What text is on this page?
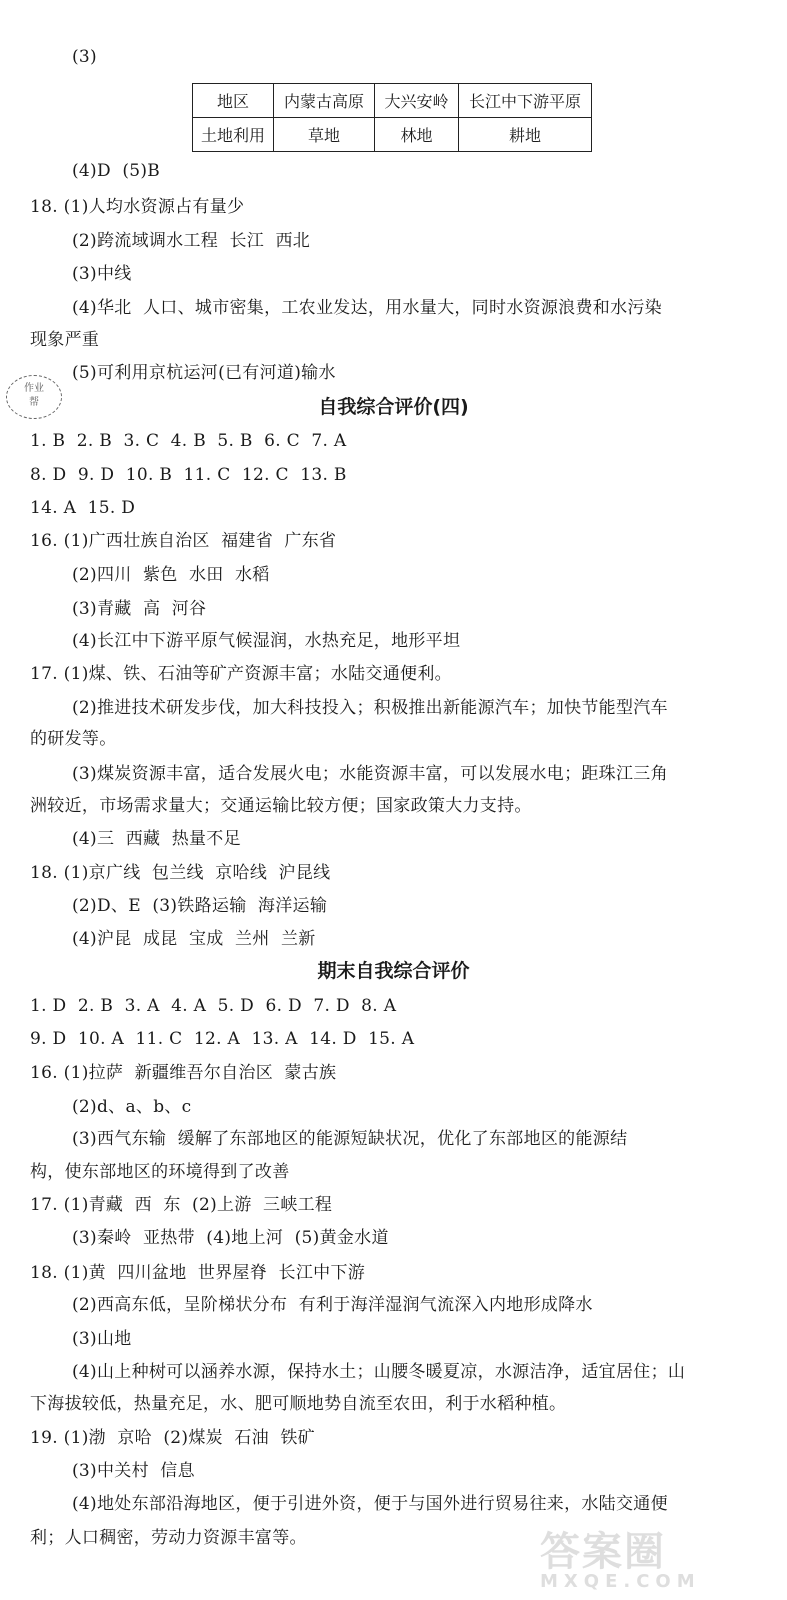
(3)
地区	内蒙古高原	大兴安岭	长江中下游平原
土地利用	草地	林地	耕地
(4)D  (5)B
18. (1)人均水资源占有量少
(2)跨流域调水工程  长江  西北
(3)中线
(4)华北  人口、城市密集，工农业发达，用水量大，同时水资源浪费和水污染
现象严重
(5)可利用京杭运河(已有河道)输水
作业
帮	自我综合评价(四)
1. B  2. B  3. C  4. B  5. B  6. C  7. A
8. D  9. D  10. B  11. C  12. C  13. B
14. A  15. D
16. (1)广西壮族自治区  福建省  广东省
(2)四川  紫色  水田  水稻
(3)青藏  高  河谷
(4)长江中下游平原气候湿润，水热充足，地形平坦
17. (1)煤、铁、石油等矿产资源丰富；水陆交通便利。
(2)推进技术研发步伐，加大科技投入；积极推出新能源汽车；加快节能型汽车
的研发等。
(3)煤炭资源丰富，适合发展火电；水能资源丰富，可以发展水电；距珠江三角
洲较近，市场需求量大；交通运输比较方便；国家政策大力支持。
(4)三  西藏  热量不足
18. (1)京广线  包兰线  京哈线  沪昆线
(2)D、E  (3)铁路运输  海洋运输
(4)沪昆  成昆  宝成  兰州  兰新
期末自我综合评价
1. D  2. B  3. A  4. A  5. D  6. D  7. D  8. A
9. D  10. A  11. C  12. A  13. A  14. D  15. A
16. (1)拉萨  新疆维吾尔自治区  蒙古族
(2)d、a、b、c
(3)西气东输  缓解了东部地区的能源短缺状况，优化了东部地区的能源结
构，使东部地区的环境得到了改善
17. (1)青藏  西  东  (2)上游  三峡工程
(3)秦岭  亚热带  (4)地上河  (5)黄金水道
18. (1)黄  四川盆地  世界屋脊  长江中下游
(2)西高东低，呈阶梯状分布  有利于海洋湿润气流深入内地形成降水
(3)山地
(4)山上种树可以涵养水源，保持水土；山腰冬暖夏凉，水源洁净，适宜居住；山
下海拔较低，热量充足，水、肥可顺地势自流至农田，利于水稻种植。
19. (1)渤  京哈  (2)煤炭  石油  铁矿
(3)中关村  信息
(4)地处东部沿海地区，便于引进外资，便于与国外进行贸易往来，水陆交通便
利；人口稠密，劳动力资源丰富等。	答案圈
MXQE.COM
